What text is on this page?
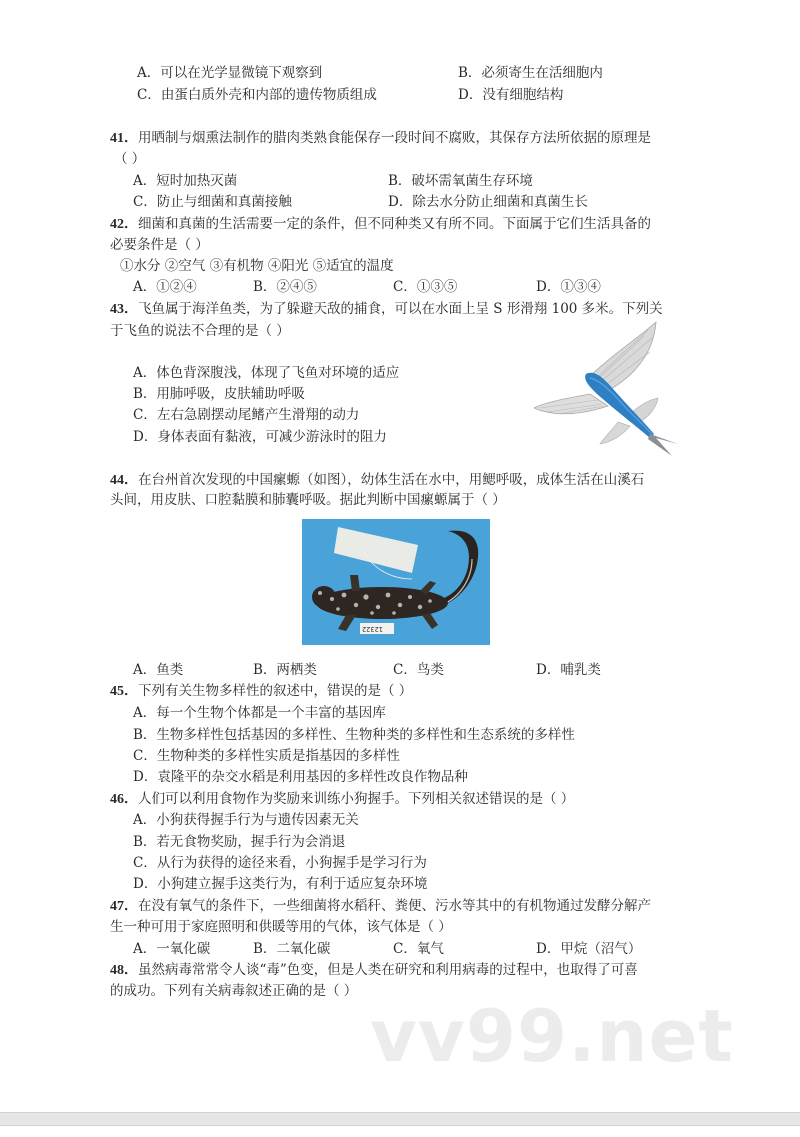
A．可以在光学显微镜下观察到	B．必须寄生在活细胞内
C．由蛋白质外壳和内部的遗传物质组成	D．没有细胞结构
41．用晒制与烟熏法制作的腊肉类熟食能保存一段时间不腐败，其保存方法所依据的原理是
（ ）
A．短时加热灭菌	B．破坏需氧菌生存环境
C．防止与细菌和真菌接触	D．除去水分防止细菌和真菌生长
42．细菌和真菌的生活需要一定的条件，但不同种类又有所不同。下面属于它们生活具备的
必要条件是（ ）
①水分 ②空气 ③有机物 ④阳光 ⑤适宜的温度
A．①②④	B．②④⑤	C．①③⑤	D．①③④
43．飞鱼属于海洋鱼类，为了躲避天敌的捕食，可以在水面上呈 S 形滑翔 100 多米。下列关
于飞鱼的说法不合理的是（ ）
A．体色背深腹浅，体现了飞鱼对环境的适应
B．用肺呼吸，皮肤辅助呼吸
C．左右急剧摆动尾鳍产生滑翔的动力
D．身体表面有黏液，可减少游泳时的阻力
44．在台州首次发现的中国瘰螈（如图），幼体生活在水中，用鳃呼吸，成体生活在山溪石
头间，用皮肤、口腔黏膜和肺囊呼吸。据此判断中国瘰螈属于（ ）
12322
A．鱼类	B．两栖类	C．鸟类	D．哺乳类
45．下列有关生物多样性的叙述中，错误的是（ ）
A．每一个生物个体都是一个丰富的基因库
B．生物多样性包括基因的多样性、生物种类的多样性和生态系统的多样性
C．生物种类的多样性实质是指基因的多样性
D．袁隆平的杂交水稻是利用基因的多样性改良作物品种
46．人们可以利用食物作为奖励来训练小狗握手。下列相关叙述错误的是（ ）
A．小狗获得握手行为与遗传因素无关
B．若无食物奖励，握手行为会消退
C．从行为获得的途径来看，小狗握手是学习行为
D．小狗建立握手这类行为，有利于适应复杂环境
47．在没有氧气的条件下，一些细菌将水稻秆、粪便、污水等其中的有机物通过发酵分解产
生一种可用于家庭照明和供暖等用的气体，该气体是（ ）
A．一氧化碳	B．二氧化碳	C．氧气	D．甲烷（沼气）
48．虽然病毒常常令人谈“毒”色变，但是人类在研究和利用病毒的过程中，也取得了可喜
的成功。下列有关病毒叙述正确的是（ ）
vv99.net
